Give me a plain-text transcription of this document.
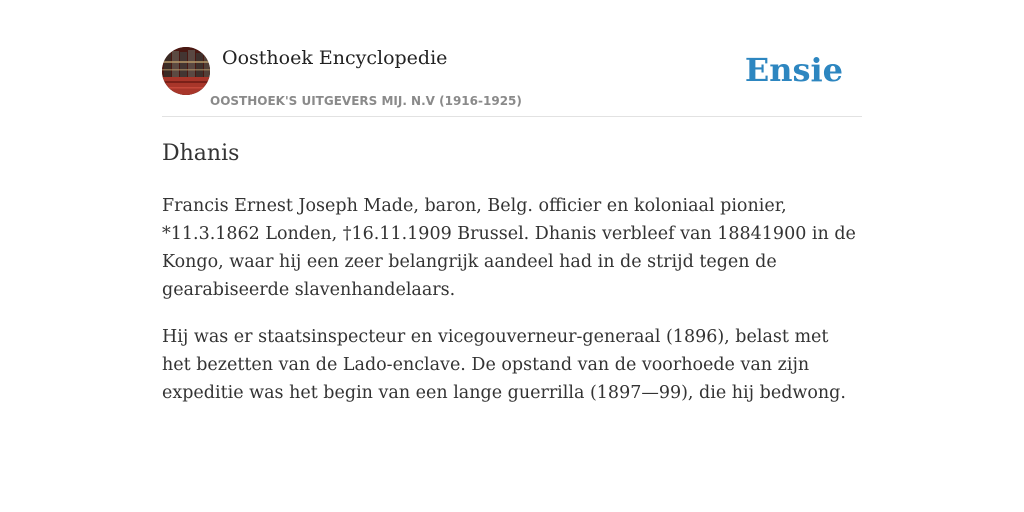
Oosthoek Encyclopedie
OOSTHOEK'S UITGEVERS MIJ. N.V (1916-1925)
Ensie
Dhanis

Francis Ernest Joseph Made, baron, Belg. officier en koloniaal pionier, *11.3.1862 Londen, †16.11.1909 Brussel. Dhanis verbleef van 18841900 in de Kongo, waar hij een zeer belangrijk aandeel had in de strijd tegen de gearabiseerde slavenhandelaars.

Hij was er staatsinspecteur en vicegouverneur-generaal (1896), belast met het bezetten van de Lado-enclave. De opstand van de voorhoede van zijn expeditie was het begin van een lange guerrilla (1897—99), die hij bedwong.
